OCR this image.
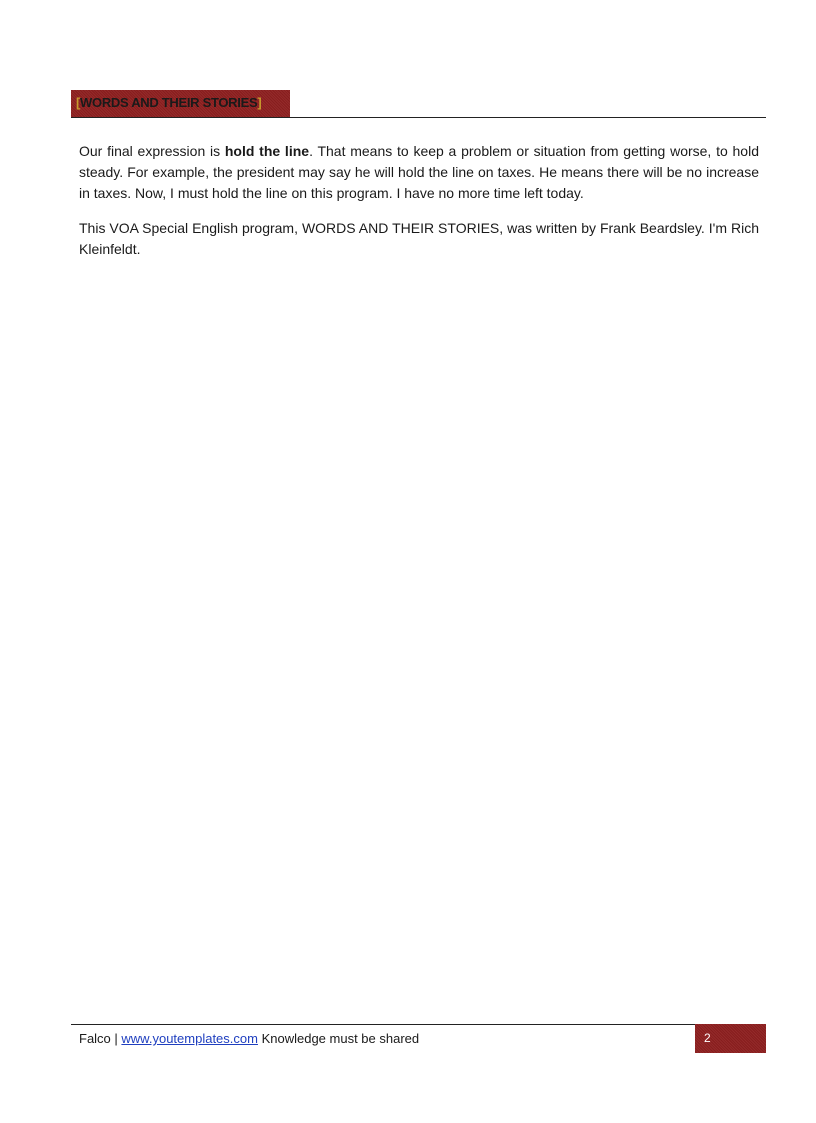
[WORDS AND THEIR STORIES]

Our final expression is hold the line. That means to keep a problem or situation from getting worse, to hold steady. For example, the president may say he will hold the line on taxes. He means there will be no increase in taxes. Now, I must hold the line on this program. I have no more time left today.

This VOA Special English program, WORDS AND THEIR STORIES, was written by Frank Beardsley. I'm Rich Kleinfeldt.

Falco | www.youtemplates.com Knowledge must be shared	2
